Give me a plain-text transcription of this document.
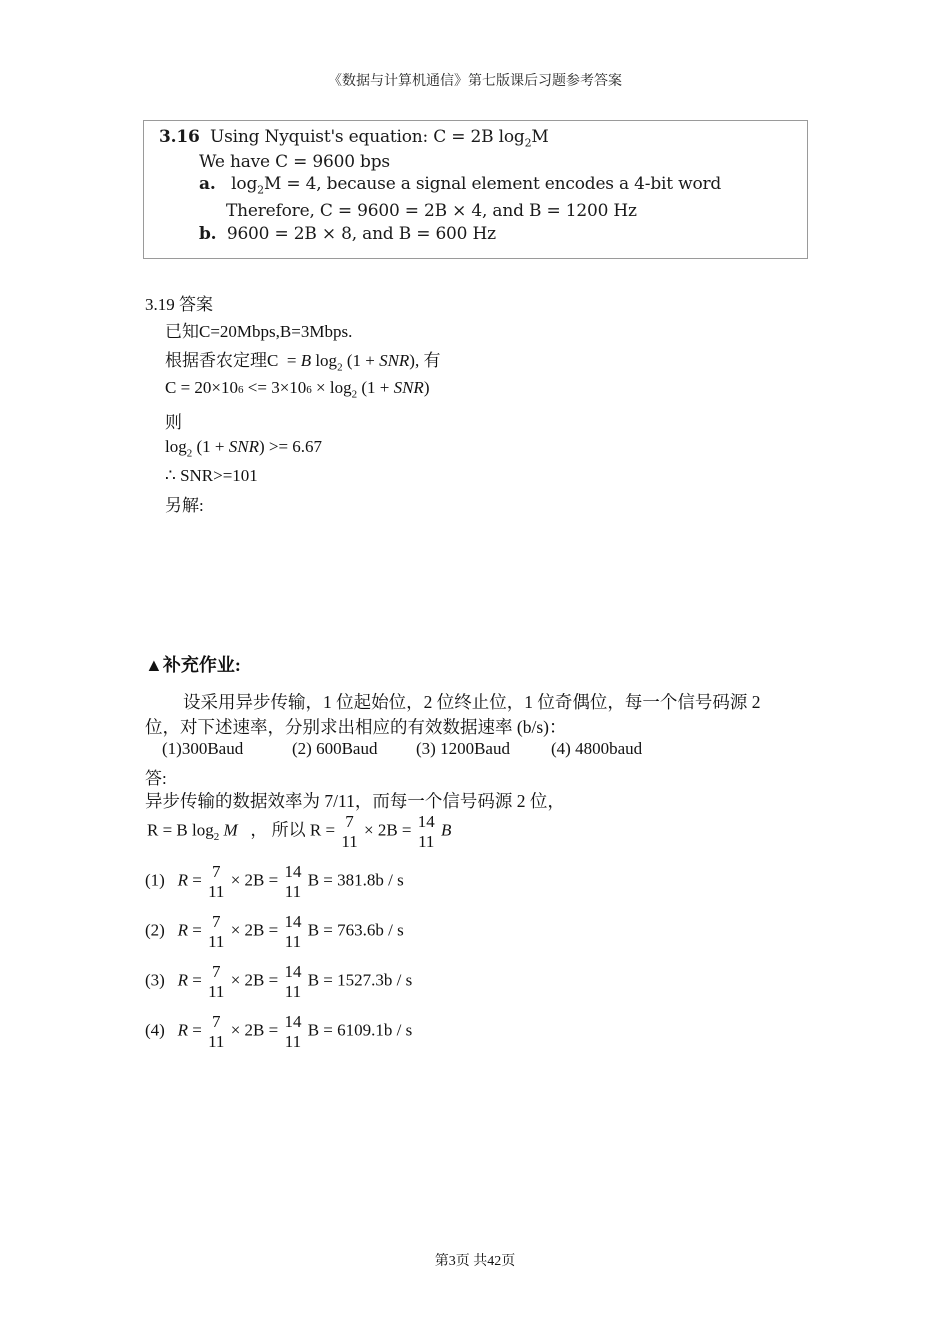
《数据与计算机通信》第七版课后习题参考答案
3.16 Using Nyquist's equation: C = 2B $\log_2M$
We have C = 9600 bps
a. $\log_2M = 4$, because a signal element encodes a 4-bit word
Therefore, C = 9600 = 2B × 4, and B = 1200 Hz
b. 9600 = 2B × 8, and B = 600 Hz
3.19 答案
已知C=20Mbps,B=3Mbps.
根据香农定理C = B $\log_2 (1 + SNR)$, 有
$C = 20\times 106 <= 3\times 106 \times \log_2 (1 + SNR)$
则
$\log_2 (1 + SNR) >= 6.67$
∴ SNR>=101
另解:
▲补充作业:
设采用异步传输，1 位起始位，2 位终止位，1 位奇偶位，每一个信号码源 2
位，对下述速率，分别求出相应的有效数据速率 (b/s)：
(1)300Baud	(2) 600Baud (3) 1200Baud (4) 4800baud
答:
异步传输的数据效率为 7/11，而每一个信号码源 2 位，
R = B $\log_2 M$ ， 所以 R = 7
11
× 2B = 14
11
B
(1) R = 7
11
× 2B = 14
11
B = 381.8b / s
(2) R = 7
11
× 2B = 14
11
B = 763.6b / s
(3) R = 7
11
× 2B = 14
11
B = 1527.3b / s
(4) R = 7
11
× 2B = 14
11
B = 6109.1b / s
第3页 共42页
